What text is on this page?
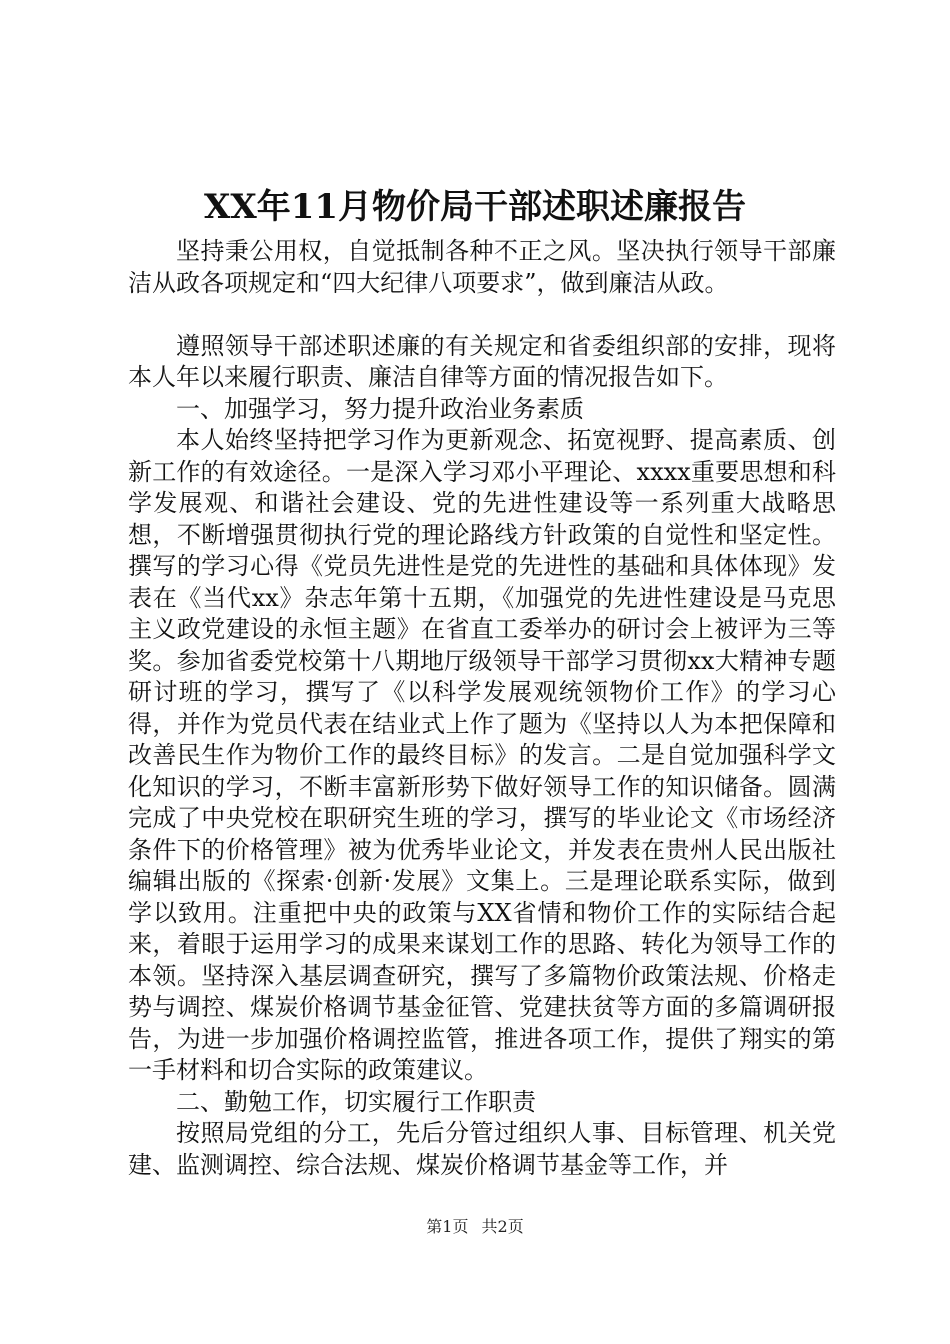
XX年11月物价局干部述职述廉报告

坚持秉公用权，自觉抵制各种不正之风。坚决执行领导干部廉洁从政各项规定和“四大纪律八项要求”，做到廉洁从政。

遵照领导干部述职述廉的有关规定和省委组织部的安排，现将本人年以来履行职责、廉洁自律等方面的情况报告如下。

一、加强学习，努力提升政治业务素质

本人始终坚持把学习作为更新观念、拓宽视野、提高素质、创新工作的有效途径。一是深入学习邓小平理论、xxxx重要思想和科学发展观、和谐社会建设、党的先进性建设等一系列重大战略思想，不断增强贯彻执行党的理论路线方针政策的自觉性和坚定性。撰写的学习心得《党员先进性是党的先进性的基础和具体体现》发表在《当代xx》杂志年第十五期，《加强党的先进性建设是马克思主义政党建设的永恒主题》在省直工委举办的研讨会上被评为三等奖。参加省委党校第十八期地厅级领导干部学习贯彻xx大精神专题研讨班的学习，撰写了《以科学发展观统领物价工作》的学习心得，并作为党员代表在结业式上作了题为《坚持以人为本把保障和改善民生作为物价工作的最终目标》的发言。二是自觉加强科学文化知识的学习，不断丰富新形势下做好领导工作的知识储备。圆满完成了中央党校在职研究生班的学习，撰写的毕业论文《市场经济条件下的价格管理》被为优秀毕业论文，并发表在贵州人民出版社编辑出版的《探索·创新·发展》文集上。三是理论联系实际，做到学以致用。注重把中央的政策与XX省情和物价工作的实际结合起来，着眼于运用学习的成果来谋划工作的思路、转化为领导工作的本领。坚持深入基层调查研究，撰写了多篇物价政策法规、价格走势与调控、煤炭价格调节基金征管、党建扶贫等方面的多篇调研报告，为进一步加强价格调控监管，推进各项工作，提供了翔实的第一手材料和切合实际的政策建议。

二、勤勉工作，切实履行工作职责

按照局党组的分工，先后分管过组织人事、目标管理、机关党建、监测调控、综合法规、煤炭价格调节基金等工作，并

第1页 共2页
